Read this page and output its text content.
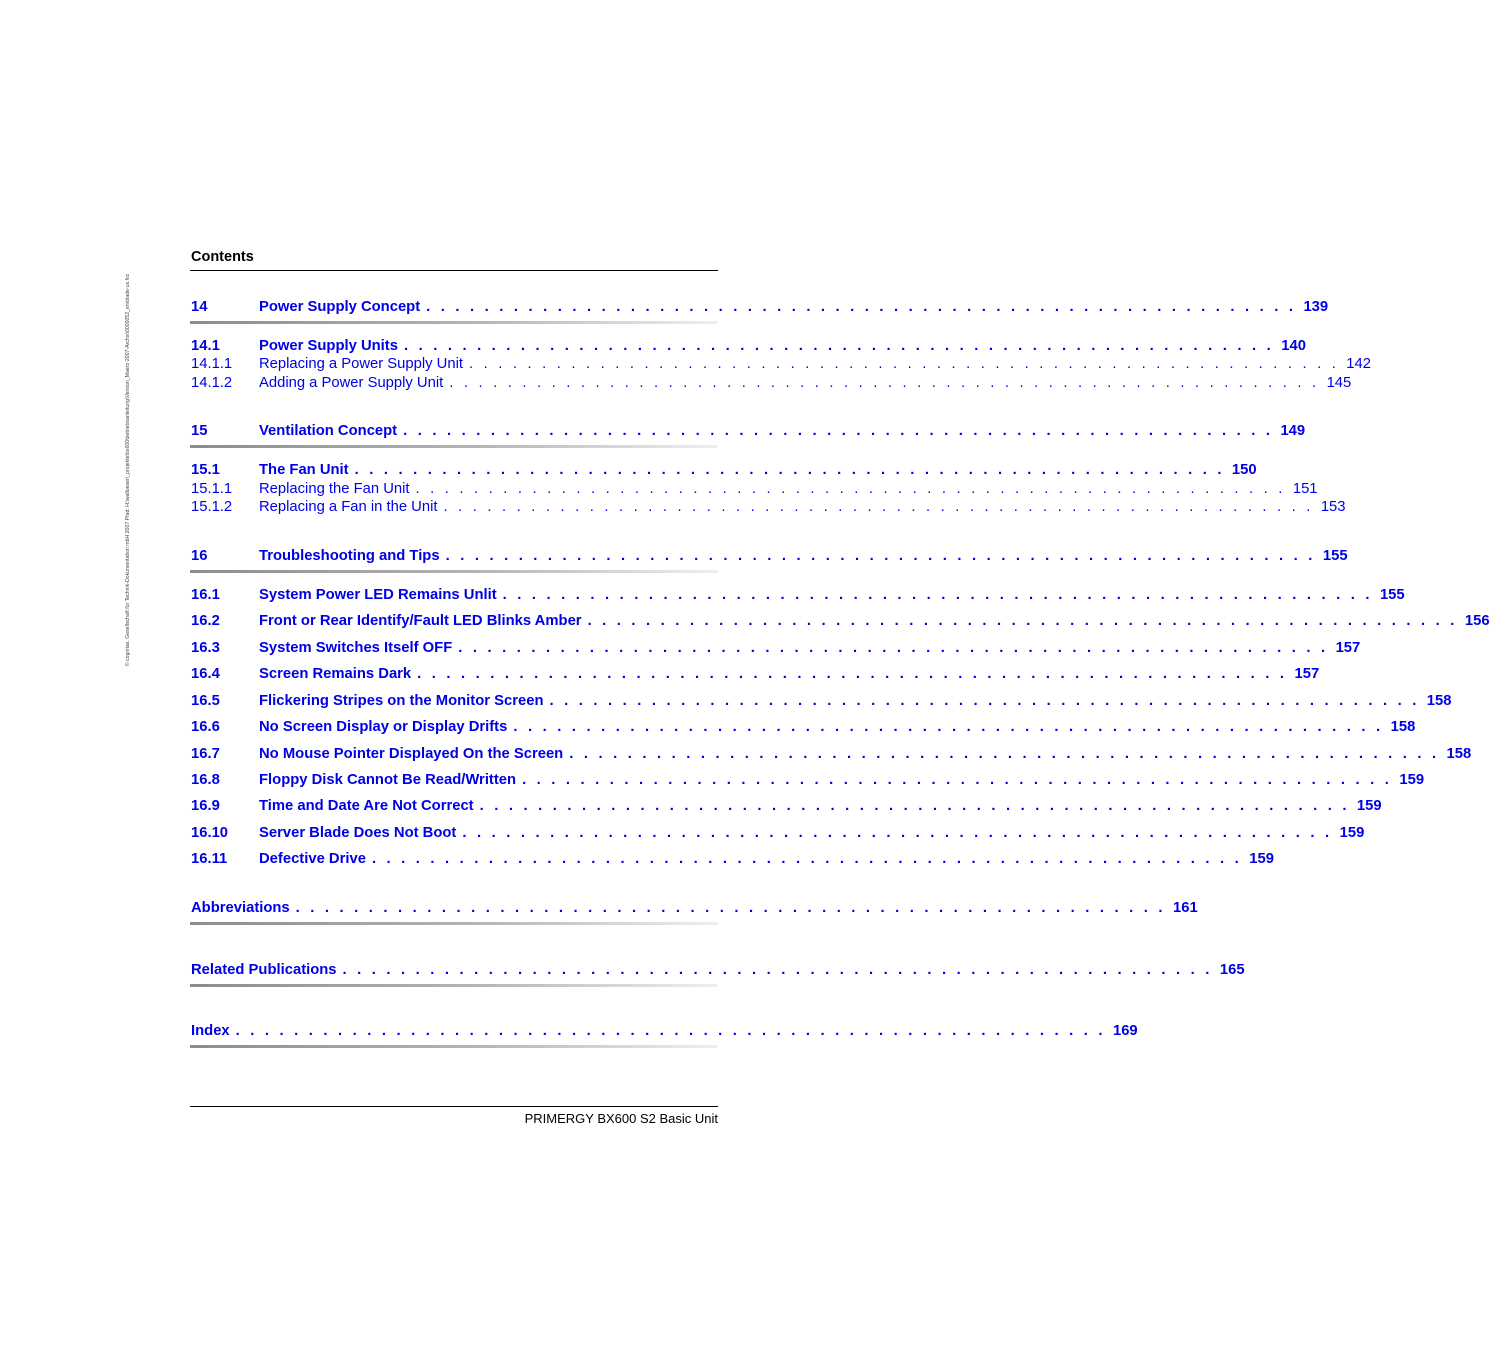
Contents
© cognitas. Gesellschaft für Technik-Dokumentation mbH 2007 Pfad: H:\walloeser\_projekte\bx600\betriebsanleitung\Version_Maerz-2007-Archiv\0000052_emblade-us.fvz	14	Power Supply Concept . . . . . . . . . . . . . . . . . . . . . . . . . . . . . . . . . . . . . . . . . . . . . . . . . . . . . . . . . . . . 139
14.1	Power Supply Units . . . . . . . . . . . . . . . . . . . . . . . . . . . . . . . . . . . . . . . . . . . . . . . . . . . . . . . . . . . . 140
14.1.1	Replacing a Power Supply Unit . . . . . . . . . . . . . . . . . . . . . . . . . . . . . . . . . . . . . . . . . . . . . . . . . . . . . . . . . . . . 142
14.1.2	Adding a Power Supply Unit . . . . . . . . . . . . . . . . . . . . . . . . . . . . . . . . . . . . . . . . . . . . . . . . . . . . . . . . . . . . 145
15	Ventilation Concept . . . . . . . . . . . . . . . . . . . . . . . . . . . . . . . . . . . . . . . . . . . . . . . . . . . . . . . . . . . . 149
15.1	The Fan Unit . . . . . . . . . . . . . . . . . . . . . . . . . . . . . . . . . . . . . . . . . . . . . . . . . . . . . . . . . . . . 150
15.1.1	Replacing the Fan Unit . . . . . . . . . . . . . . . . . . . . . . . . . . . . . . . . . . . . . . . . . . . . . . . . . . . . . . . . . . . . 151
15.1.2	Replacing a Fan in the Unit . . . . . . . . . . . . . . . . . . . . . . . . . . . . . . . . . . . . . . . . . . . . . . . . . . . . . . . . . . . . 153
16	Troubleshooting and Tips . . . . . . . . . . . . . . . . . . . . . . . . . . . . . . . . . . . . . . . . . . . . . . . . . . . . . . . . . . . . 155
16.1	System Power LED Remains Unlit . . . . . . . . . . . . . . . . . . . . . . . . . . . . . . . . . . . . . . . . . . . . . . . . . . . . . . . . . . . . 155
16.2	Front or Rear Identify/Fault LED Blinks Amber . . . . . . . . . . . . . . . . . . . . . . . . . . . . . . . . . . . . . . . . . . . . . . . . . . . . . . . . . . . . 156
16.3	System Switches Itself OFF . . . . . . . . . . . . . . . . . . . . . . . . . . . . . . . . . . . . . . . . . . . . . . . . . . . . . . . . . . . . 157
16.4	Screen Remains Dark . . . . . . . . . . . . . . . . . . . . . . . . . . . . . . . . . . . . . . . . . . . . . . . . . . . . . . . . . . . . 157
16.5	Flickering Stripes on the Monitor Screen . . . . . . . . . . . . . . . . . . . . . . . . . . . . . . . . . . . . . . . . . . . . . . . . . . . . . . . . . . . . 158
16.6	No Screen Display or Display Drifts . . . . . . . . . . . . . . . . . . . . . . . . . . . . . . . . . . . . . . . . . . . . . . . . . . . . . . . . . . . . 158
16.7	No Mouse Pointer Displayed On the Screen . . . . . . . . . . . . . . . . . . . . . . . . . . . . . . . . . . . . . . . . . . . . . . . . . . . . . . . . . . . . 158
16.8	Floppy Disk Cannot Be Read/Written . . . . . . . . . . . . . . . . . . . . . . . . . . . . . . . . . . . . . . . . . . . . . . . . . . . . . . . . . . . . 159
16.9	Time and Date Are Not Correct . . . . . . . . . . . . . . . . . . . . . . . . . . . . . . . . . . . . . . . . . . . . . . . . . . . . . . . . . . . . 159
16.10	Server Blade Does Not Boot . . . . . . . . . . . . . . . . . . . . . . . . . . . . . . . . . . . . . . . . . . . . . . . . . . . . . . . . . . . . 159
16.11	Defective Drive . . . . . . . . . . . . . . . . . . . . . . . . . . . . . . . . . . . . . . . . . . . . . . . . . . . . . . . . . . . . 159
Abbreviations . . . . . . . . . . . . . . . . . . . . . . . . . . . . . . . . . . . . . . . . . . . . . . . . . . . . . . . . . . . . 161
Related Publications . . . . . . . . . . . . . . . . . . . . . . . . . . . . . . . . . . . . . . . . . . . . . . . . . . . . . . . . . . . . 165
Index . . . . . . . . . . . . . . . . . . . . . . . . . . . . . . . . . . . . . . . . . . . . . . . . . . . . . . . . . . . . 169
PRIMERGY BX600 S2 Basic Unit
